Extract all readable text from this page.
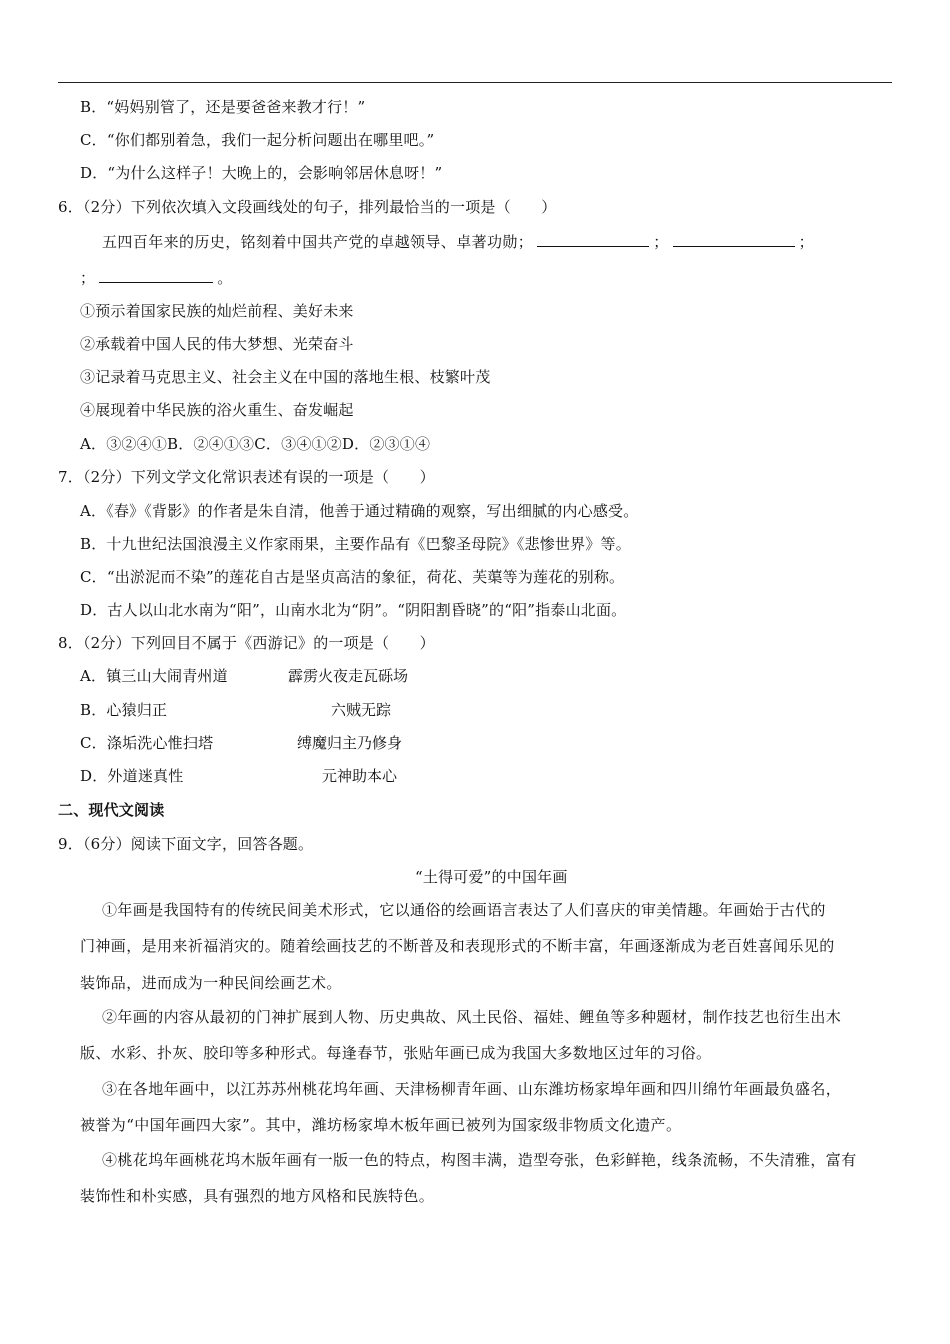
B．“妈妈别管了，还是要爸爸来教才行！”
C．“你们都别着急，我们一起分析问题出在哪里吧。”
D．“为什么这样子！大晚上的，会影响邻居休息呀！”
6．（2分）下列依次填入文段画线处的句子，排列最恰当的一项是（　　）
五四百年来的历史，铭刻着中国共产党的卓越领导、卓著功勋；	；	；
；	。
①预示着国家民族的灿烂前程、美好未来
②承载着中国人民的伟大梦想、光荣奋斗
③记录着马克思主义、社会主义在中国的落地生根、枝繁叶茂
④展现着中华民族的浴火重生、奋发崛起
A．③②④①B．②④①③C．③④①②D．②③①④
7．（2分）下列文学文化常识表述有误的一项是（　　）
A．《春》《背影》的作者是朱自清，他善于通过精确的观察，写出细腻的内心感受。
B．十九世纪法国浪漫主义作家雨果，主要作品有《巴黎圣母院》《悲惨世界》等。
C．“出淤泥而不染”的莲花自古是坚贞高洁的象征，荷花、芙蕖等为莲花的别称。
D．古人以山北水南为“阳”，山南水北为“阴”。“阴阳割昏晓”的“阳”指泰山北面。
8．（2分）下列回目不属于《西游记》的一项是（　　）
A．镇三山大闹青州道	霹雳火夜走瓦砾场
B．心猿归正	六贼无踪
C．涤垢洗心惟扫塔	缚魔归主乃修身
D．外道迷真性	元神助本心
二、现代文阅读
9．（6分）阅读下面文字，回答各题。
“土得可爱”的中国年画
①年画是我国特有的传统民间美术形式，它以通俗的绘画语言表达了人们喜庆的审美情趣。年画始于古代的
门神画，是用来祈福消灾的。随着绘画技艺的不断普及和表现形式的不断丰富，年画逐渐成为老百姓喜闻乐见的
装饰品，进而成为一种民间绘画艺术。
②年画的内容从最初的门神扩展到人物、历史典故、风土民俗、福娃、鲤鱼等多种题材，制作技艺也衍生出木
版、水彩、扑灰、胶印等多种形式。每逢春节，张贴年画已成为我国大多数地区过年的习俗。
③在各地年画中，以江苏苏州桃花坞年画、天津杨柳青年画、山东潍坊杨家埠年画和四川绵竹年画最负盛名，
被誉为“中国年画四大家”。其中，潍坊杨家埠木板年画已被列为国家级非物质文化遗产。
④桃花坞年画桃花坞木版年画有一版一色的特点，构图丰满，造型夸张，色彩鲜艳，线条流畅，不失清雅，富有
装饰性和朴实感，具有强烈的地方风格和民族特色。
